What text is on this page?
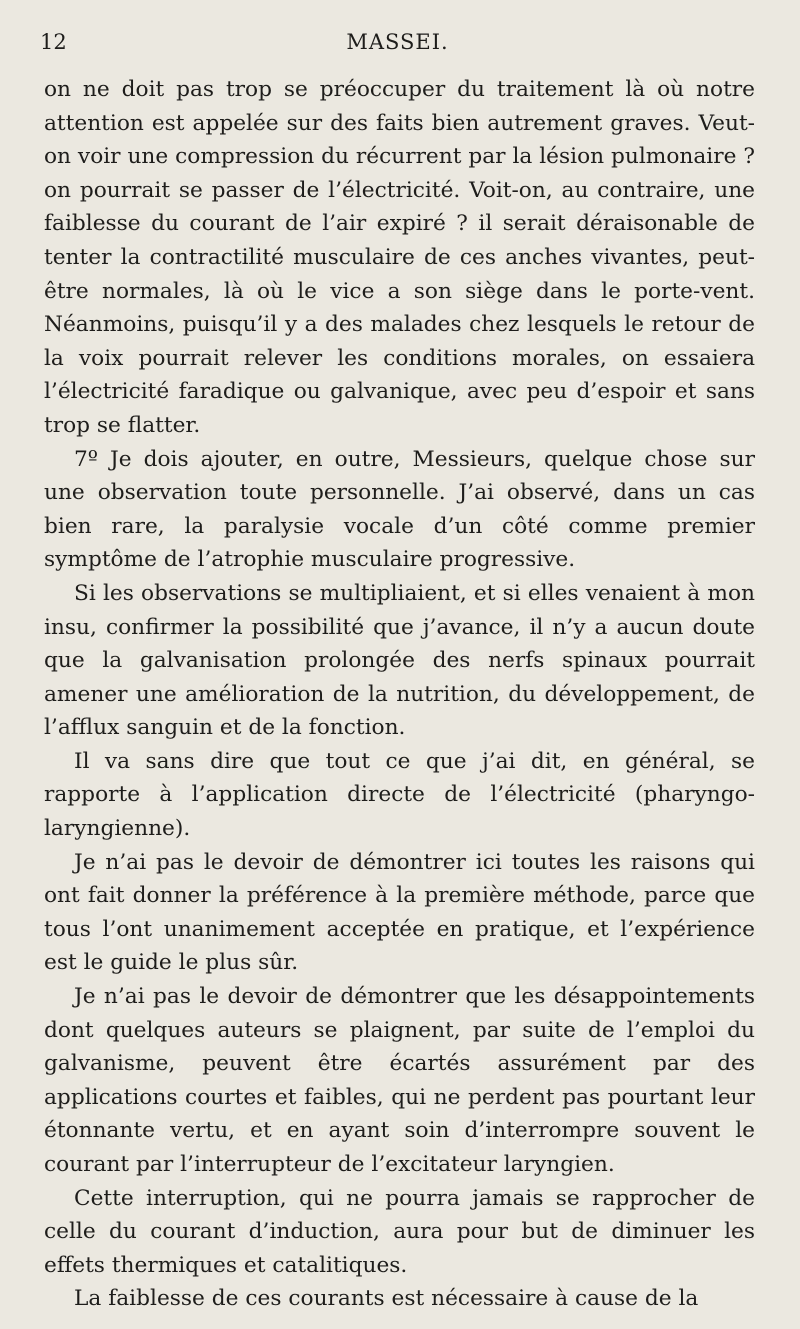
12	MASSEI.

on ne doit pas trop se préoccuper du traitement là où notre attention est appelée sur des faits bien autrement graves. Veut-on voir une compression du récurrent par la lésion pulmonaire ? on pourrait se passer de l’électricité. Voit-on, au contraire, une faiblesse du courant de l’air expiré ? il serait déraisonable de tenter la contractilité musculaire de ces anches vivantes, peut-être normales, là où le vice a son siège dans le porte-vent. Néanmoins, puisqu’il y a des malades chez lesquels le retour de la voix pourrait relever les conditions morales, on essaiera l’électricité faradique ou galvanique, avec peu d’espoir et sans trop se flatter.

7º Je dois ajouter, en outre, Messieurs, quelque chose sur une observation toute personnelle. J’ai observé, dans un cas bien rare, la paralysie vocale d’un côté comme premier symptôme de l’atrophie musculaire progressive.

Si les observations se multipliaient, et si elles venaient à mon insu, confirmer la possibilité que j’avance, il n’y a aucun doute que la galvanisation prolongée des nerfs spinaux pourrait amener une amélioration de la nutrition, du développement, de l’afflux sanguin et de la fonction.

Il va sans dire que tout ce que j’ai dit, en général, se rapporte à l’application directe de l’électricité (pharyngo-laryngienne).

Je n’ai pas le devoir de démontrer ici toutes les raisons qui ont fait donner la préférence à la première méthode, parce que tous l’ont unanimement acceptée en pratique, et l’expérience est le guide le plus sûr.

Je n’ai pas le devoir de démontrer que les désappointements dont quelques auteurs se plaignent, par suite de l’emploi du galvanisme, peuvent être écartés assurément par des applications courtes et faibles, qui ne perdent pas pourtant leur étonnante vertu, et en ayant soin d’interrompre souvent le courant par l’interrupteur de l’excitateur laryngien.

Cette interruption, qui ne pourra jamais se rapprocher de celle du courant d’induction, aura pour but de diminuer les effets thermiques et catalitiques.

La faiblesse de ces courants est nécessaire à cause de la
